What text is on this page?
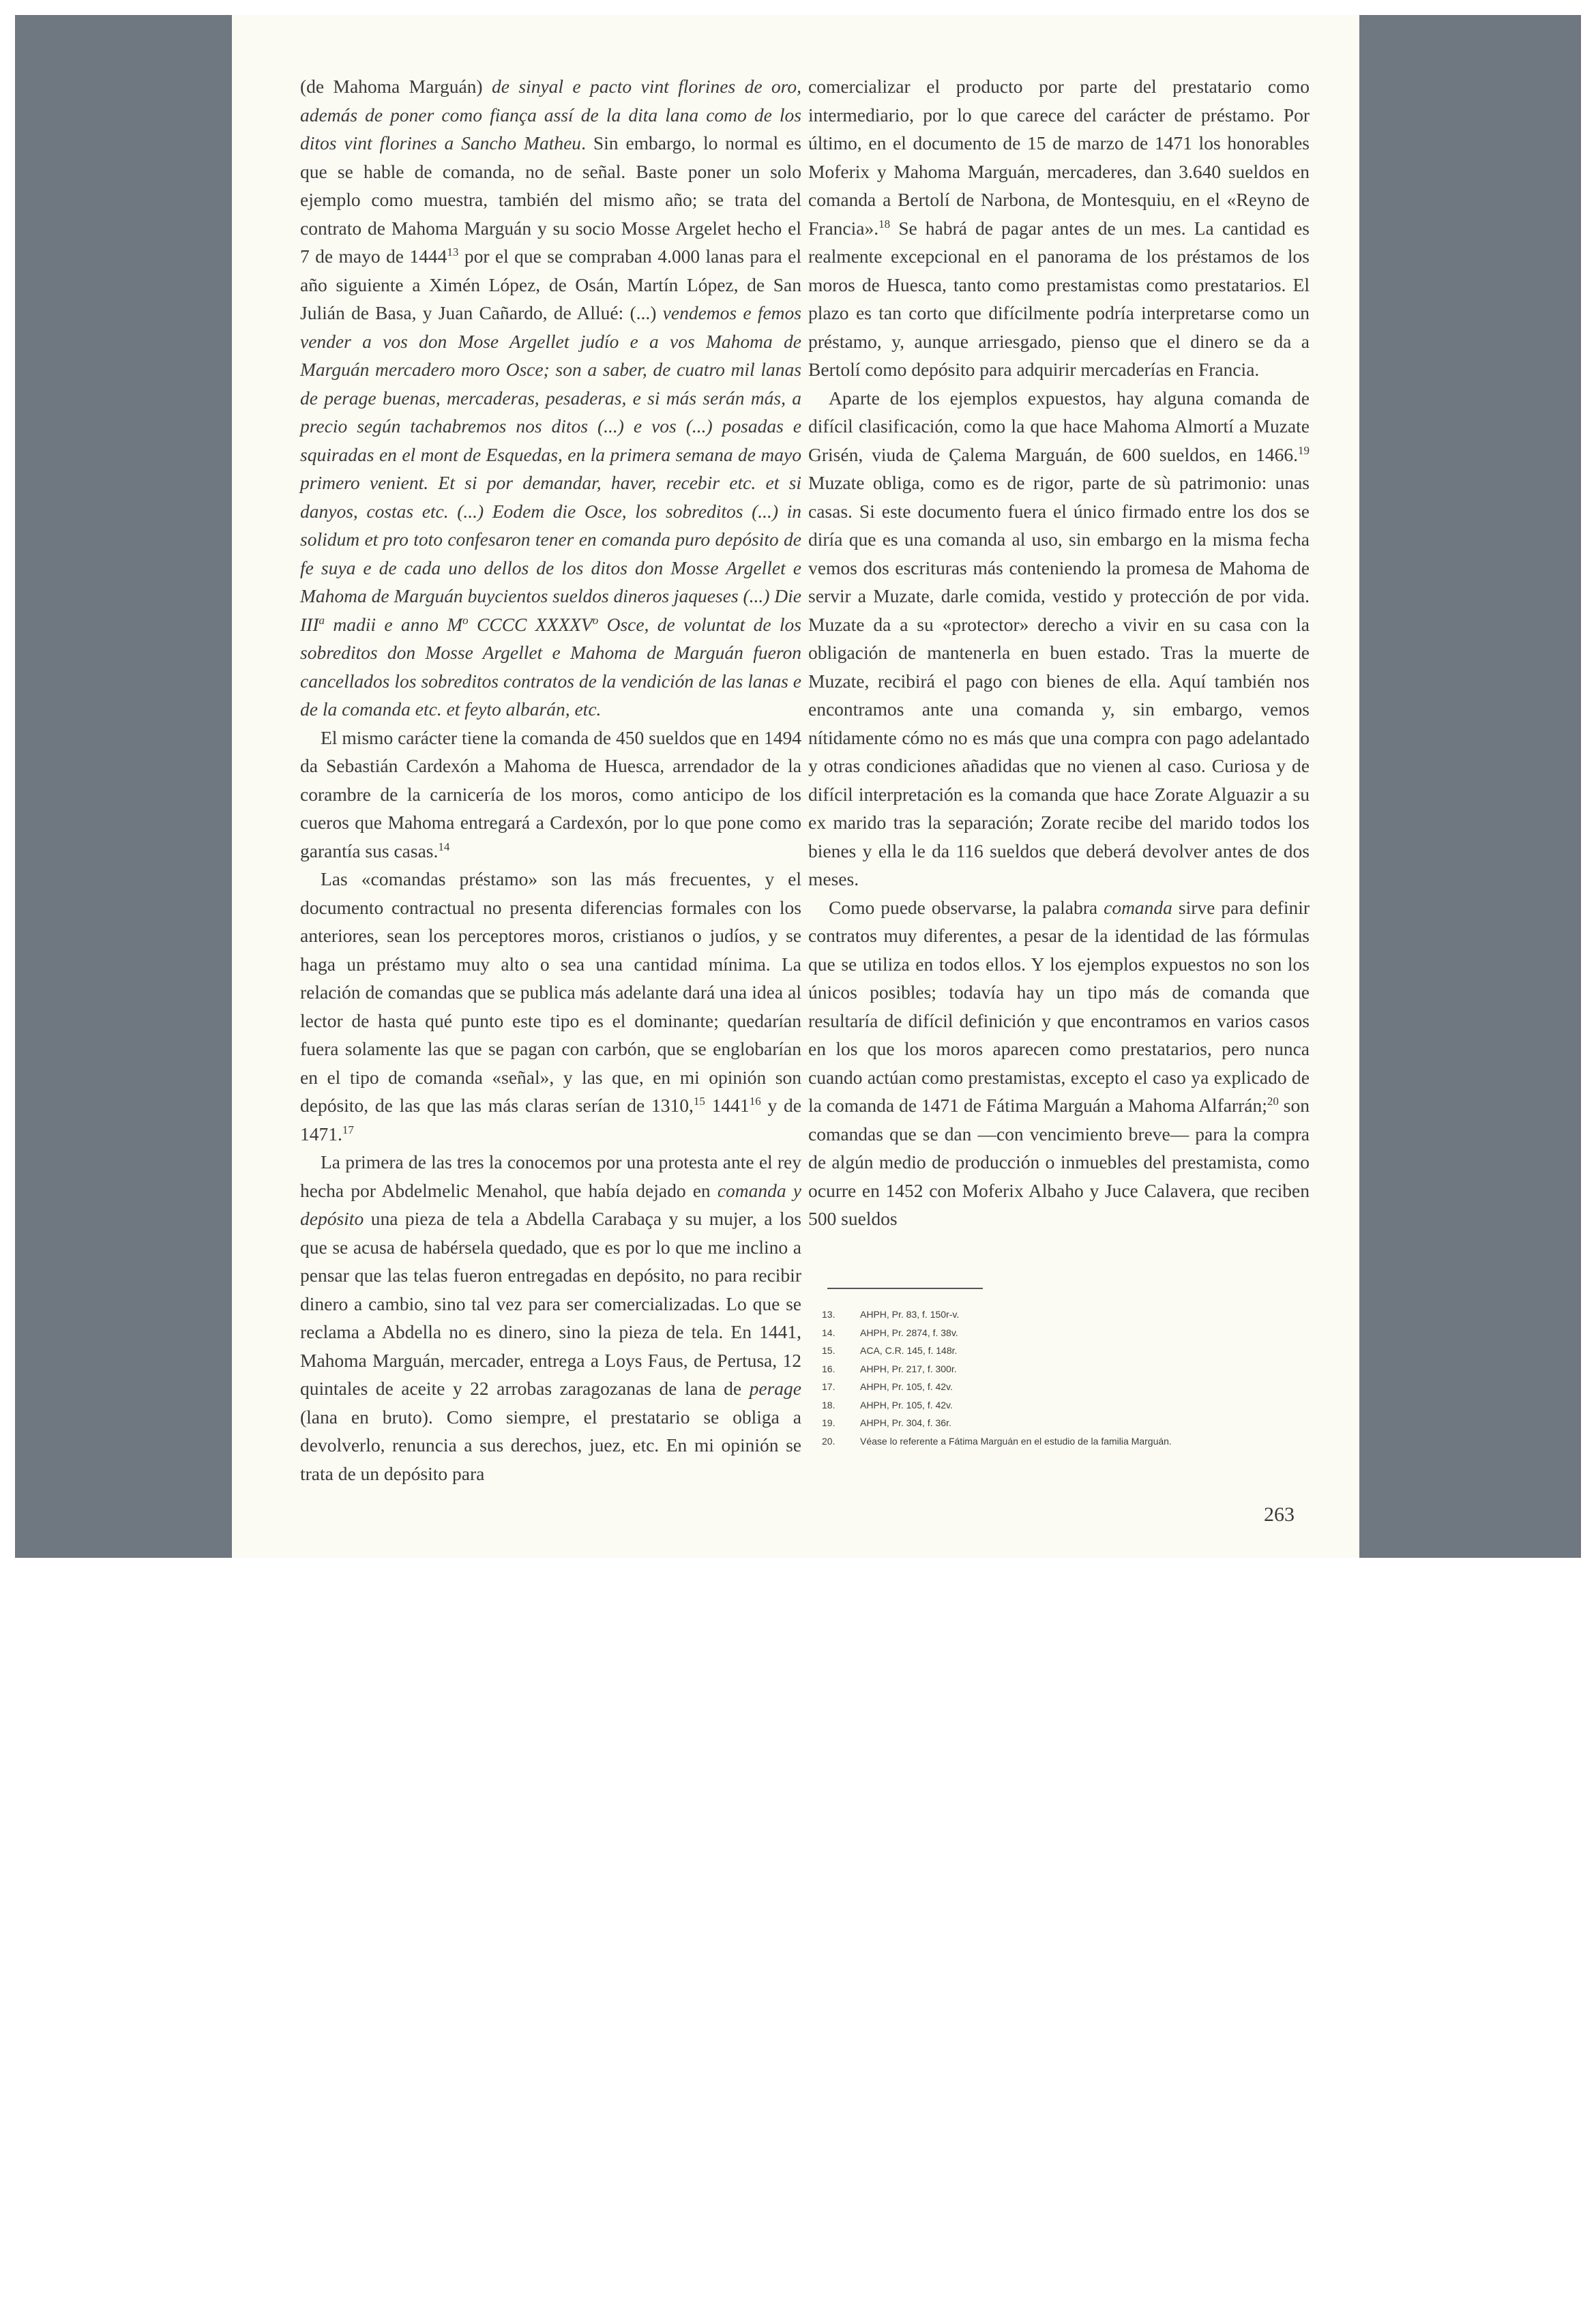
(de Mahoma Marguán) de sinyal e pacto vint florines de oro, además de poner como fiança assí de la dita lana como de los ditos vint florines a Sancho Matheu. Sin embargo, lo normal es que se hable de comanda, no de señal. Baste poner un solo ejemplo como muestra, también del mismo año; se trata del contrato de Mahoma Marguán y su socio Mosse Argelet hecho el 7 de mayo de 1444$^{13}$ por el que se compraban 4.000 lanas para el año siguiente a Ximén López, de Osán, Martín López, de San Julián de Basa, y Juan Cañardo, de Allué: (...) vendemos e femos vender a vos don Mose Argellet judío e a vos Mahoma de Marguán mercadero moro Osce; son a saber, de cuatro mil lanas de perage buenas, mercaderas, pesaderas, e si más serán más, a precio según tachabremos nos ditos (...) e vos (...) posadas e squiradas en el mont de Esquedas, en la primera semana de mayo primero venient. Et si por demandar, haver, recebir etc. et si danyos, costas etc. (...) Eodem die Osce, los sobreditos (...) in solidum et pro toto confesaron tener en comanda puro depósito de fe suya e de cada uno dellos de los ditos don Mosse Argellet e Mahoma de Marguán buycientos sueldos dineros jaqueses (...) Die III$^a$ madii e anno $M^o$ CCCC XXXXV$^o$ Osce, de voluntat de los sobreditos don Mosse Argellet e Mahoma de Marguán fueron cancellados los sobreditos contratos de la vendición de las lanas e de la comanda etc. et feyto albarán, etc.

El mismo carácter tiene la comanda de 450 sueldos que en 1494 da Sebastián Cardexón a Mahoma de Huesca, arrendador de la corambre de la carnicería de los moros, como anticipo de los cueros que Mahoma entregará a Cardexón, por lo que pone como garantía sus casas.$^{14}$

Las «comandas préstamo» son las más frecuentes, y el documento contractual no presenta diferencias formales con los anteriores, sean los perceptores moros, cristianos o judíos, y se haga un préstamo muy alto o sea una cantidad mínima. La relación de comandas que se publica más adelante dará una idea al lector de hasta qué punto este tipo es el dominante; quedarían fuera solamente las que se pagan con carbón, que se englobarían en el tipo de comanda «señal», y las que, en mi opinión son depósito, de las que las más claras serían de 1310,15 1441$^{16}$ y de 1471.17

La primera de las tres la conocemos por una protesta ante el rey hecha por Abdelmelic Menahol, que había dejado en comanda y depósito una pieza de tela a Abdella Carabaça y su mujer, a los que se acusa de habérsela quedado, que es por lo que me inclino a pensar que las telas fueron entregadas en depósito, no para recibir dinero a cambio, sino tal vez para ser comercializadas. Lo que se reclama a Abdella no es dinero, sino la pieza de tela. En 1441, Mahoma Marguán, mercader, entrega a Loys Faus, de Pertusa, 12 quintales de aceite y 22 arrobas zaragozanas de lana de perage (lana en bruto). Como siempre, el prestatario se obliga a devolverlo, renuncia a sus derechos, juez, etc. En mi opinión se trata de un depósito para

comercializar el producto por parte del prestatario como intermediario, por lo que carece del carácter de préstamo. Por último, en el documento de 15 de marzo de 1471 los honorables Moferix y Mahoma Marguán, mercaderes, dan 3.640 sueldos en comanda a Bertolí de Narbona, de Montesquiu, en el «Reyno de Francia».$^{18}$ Se habrá de pagar antes de un mes. La cantidad es realmente excepcional en el panorama de los préstamos de los moros de Huesca, tanto como prestamistas como prestatarios. El plazo es tan corto que difícilmente podría interpretarse como un préstamo, y, aunque arriesgado, pienso que el dinero se da a Bertolí como depósito para adquirir mercaderías en Francia.

Aparte de los ejemplos expuestos, hay alguna comanda de difícil clasificación, como la que hace Mahoma Almortí a Muzate Grisén, viuda de Çalema Marguán, de 600 sueldos, en 1466.19 Muzate obliga, como es de rigor, parte de sù patrimonio: unas casas. Si este documento fuera el único firmado entre los dos se diría que es una comanda al uso, sin embargo en la misma fecha vemos dos escrituras más conteniendo la promesa de Mahoma de servir a Muzate, darle comida, vestido y protección de por vida. Muzate da a su «protector» derecho a vivir en su casa con la obligación de mantenerla en buen estado. Tras la muerte de Muzate, recibirá el pago con bienes de ella. Aquí también nos encontramos ante una comanda y, sin embargo, vemos nítidamente cómo no es más que una compra con pago adelantado y otras condiciones añadidas que no vienen al caso. Curiosa y de difícil interpretación es la comanda que hace Zorate Alguazir a su ex marido tras la separación; Zorate recibe del marido todos los bienes y ella le da 116 sueldos que deberá devolver antes de dos meses.

Como puede observarse, la palabra comanda sirve para definir contratos muy diferentes, a pesar de la identidad de las fórmulas que se utiliza en todos ellos. Y los ejemplos expuestos no son los únicos posibles; todavía hay un tipo más de comanda que resultaría de difícil definición y que encontramos en varios casos en los que los moros aparecen como prestatarios, pero nunca cuando actúan como prestamistas, excepto el caso ya explicado de la comanda de 1471 de Fátima Marguán a Mahoma Alfarrán;$^{20}$ son comandas que se dan —con vencimiento breve— para la compra de algún medio de producción o inmuebles del prestamista, como ocurre en 1452 con Moferix Albaho y Juce Calavera, que reciben 500 sueldos

13.	AHPH, Pr. 83, f. 150r-v.
14.	AHPH, Pr. 2874, f. 38v.
15.	ACA, C.R. 145, f. 148r.
16.	AHPH, Pr. 217, f. 300r.
17.	AHPH, Pr. 105, f. 42v.
18.	AHPH, Pr. 105, f. 42v.
19.	AHPH, Pr. 304, f. 36r.
20.	Véase lo referente a Fátima Marguán en el estudio de la familia Marguán.
263
